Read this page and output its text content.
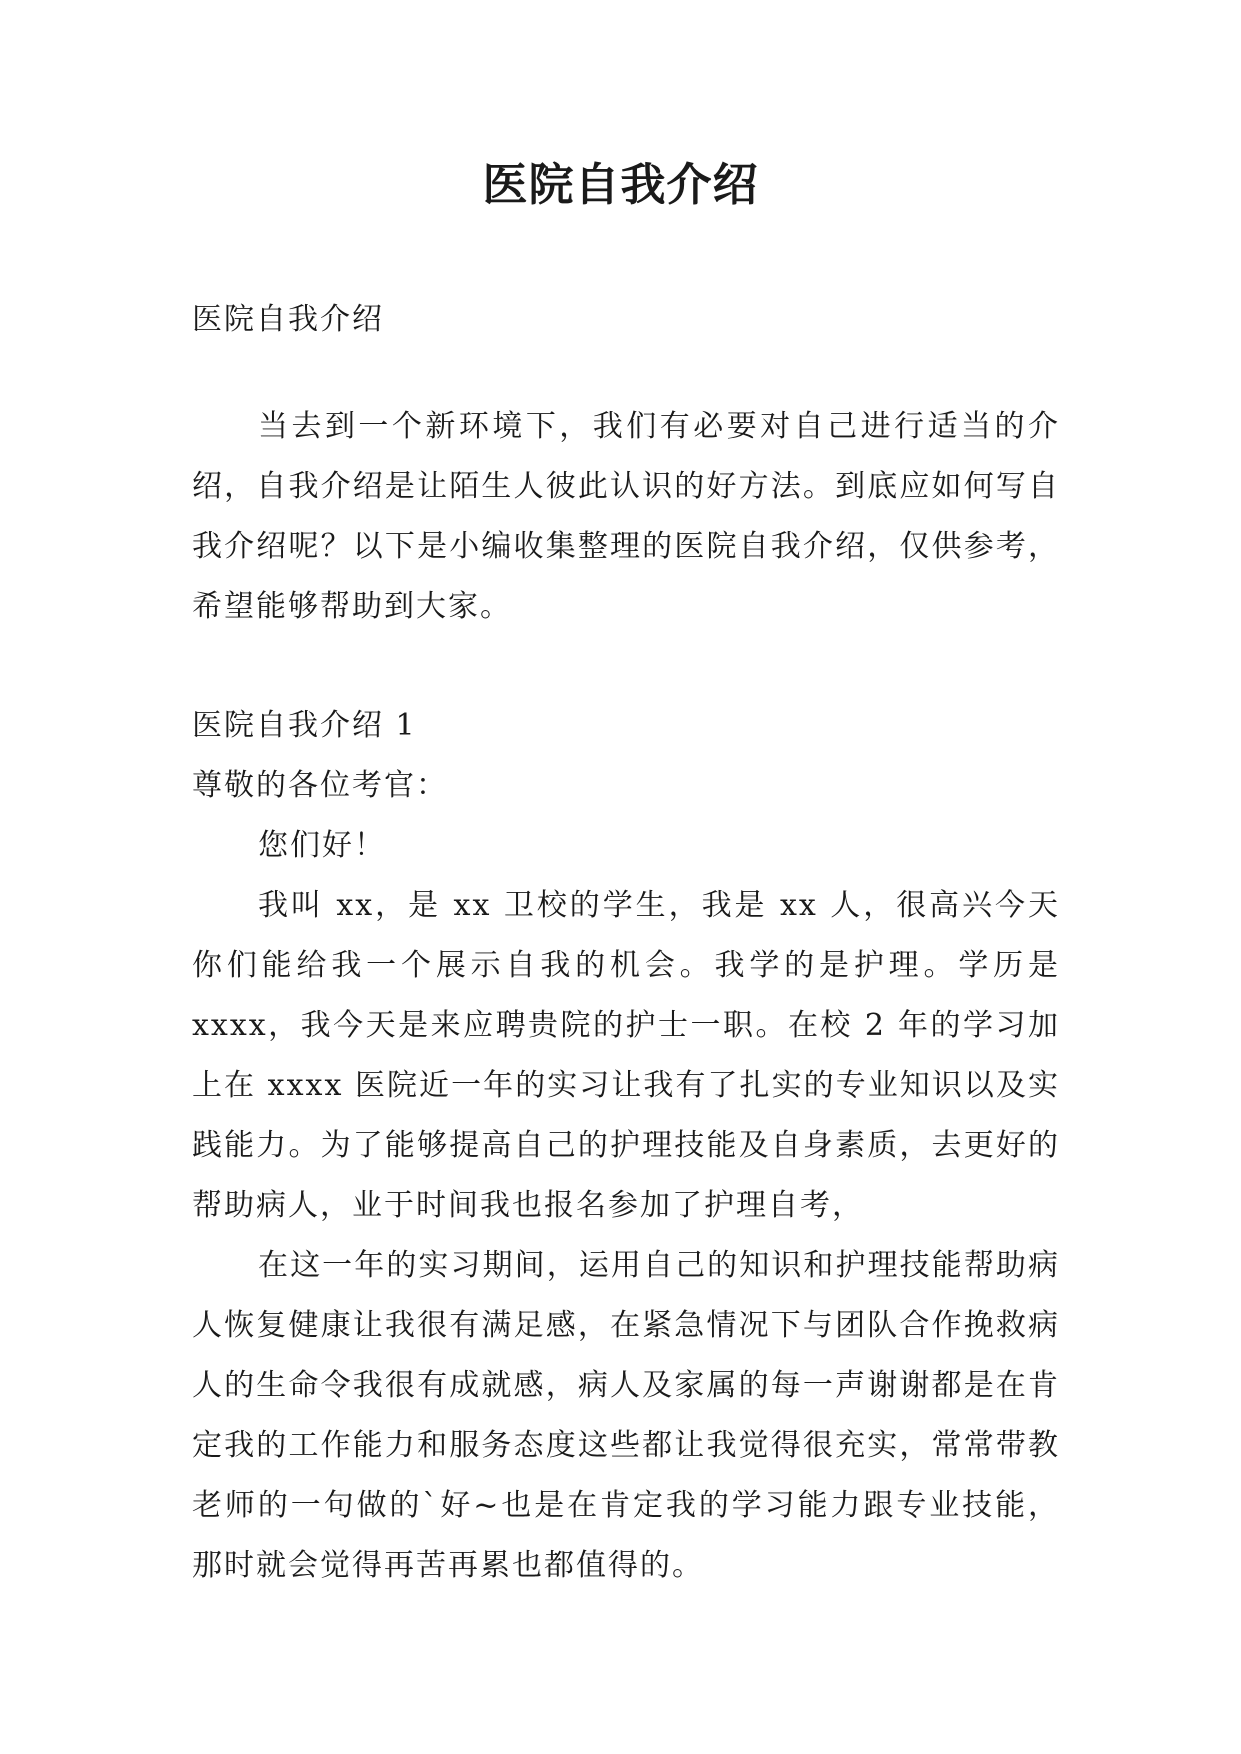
医院自我介绍

医院自我介绍

当去到一个新环境下，我们有必要对自己进行适当的介绍，自我介绍是让陌生人彼此认识的好方法。到底应如何写自我介绍呢？以下是小编收集整理的医院自我介绍，仅供参考，希望能够帮助到大家。

医院自我介绍 1

尊敬的各位考官：

您们好！

我叫 xx，是 xx 卫校的学生，我是 xx 人，很高兴今天你们能给我一个展示自我的机会。我学的是护理。学历是 xxxx，我今天是来应聘贵院的护士一职。在校 2 年的学习加上在 xxxx 医院近一年的实习让我有了扎实的专业知识以及实践能力。为了能够提高自己的护理技能及自身素质，去更好的帮助病人，业于时间我也报名参加了护理自考，

在这一年的实习期间，运用自己的知识和护理技能帮助病人恢复健康让我很有满足感，在紧急情况下与团队合作挽救病人的生命令我很有成就感，病人及家属的每一声谢谢都是在肯定我的工作能力和服务态度这些都让我觉得很充实，常常带教老师的一句做的`好~也是在肯定我的学习能力跟专业技能，那时就会觉得再苦再累也都值得的。
